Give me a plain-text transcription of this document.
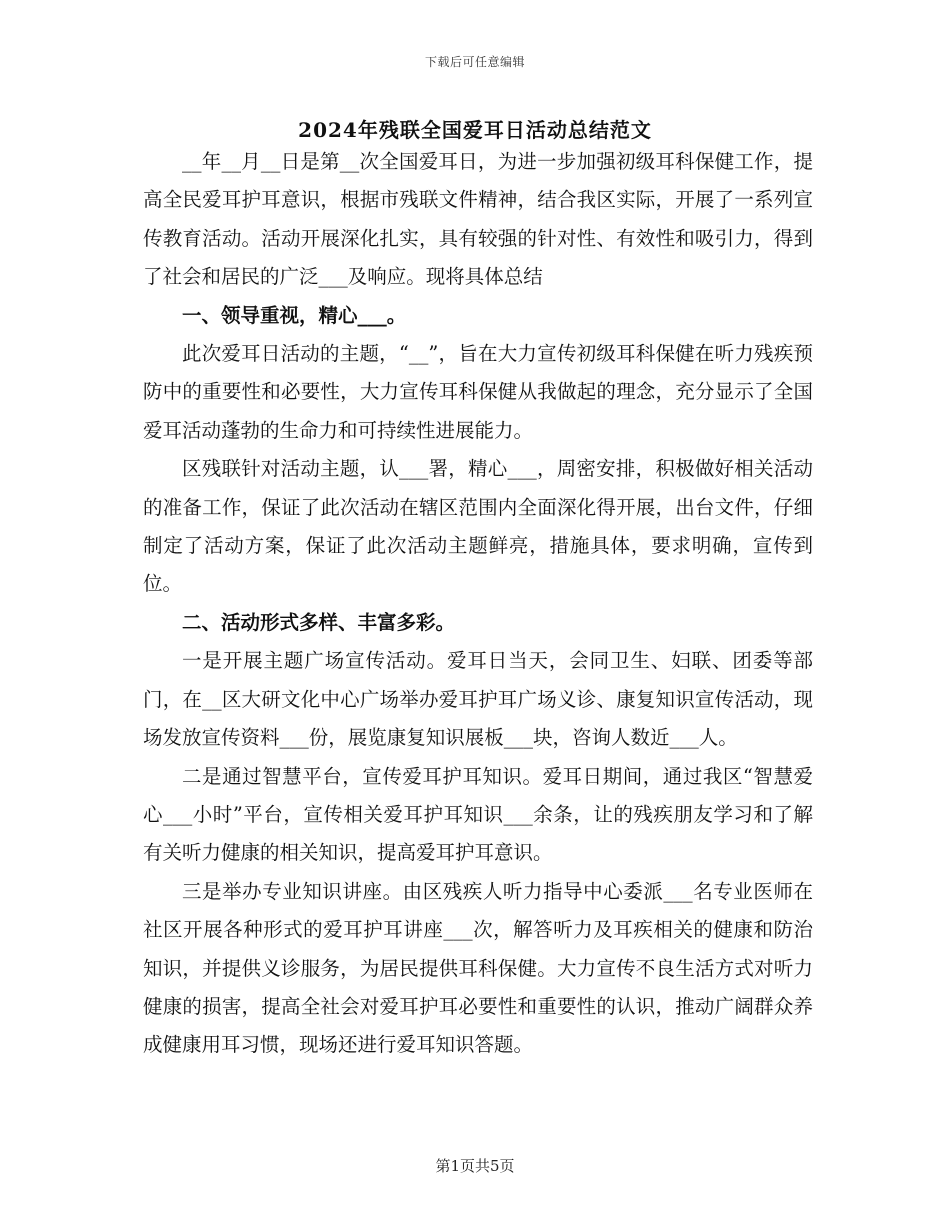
下载后可任意编辑
2024年残联全国爱耳日活动总结范文

__年__月__日是第__次全国爱耳日，为进一步加强初级耳科保健工作，提高全民爱耳护耳意识，根据市残联文件精神，结合我区实际，开展了一系列宣传教育活动。活动开展深化扎实，具有较强的针对性、有效性和吸引力，得到了社会和居民的广泛___及响应。现将具体总结

一、领导重视，精心___。

此次爱耳日活动的主题，“__”，旨在大力宣传初级耳科保健在听力残疾预防中的重要性和必要性，大力宣传耳科保健从我做起的理念，充分显示了全国爱耳活动蓬勃的生命力和可持续性进展能力。

区残联针对活动主题，认___署，精心___，周密安排，积极做好相关活动的准备工作，保证了此次活动在辖区范围内全面深化得开展，出台文件，仔细制定了活动方案，保证了此次活动主题鲜亮，措施具体，要求明确，宣传到位。

二、活动形式多样、丰富多彩。

一是开展主题广场宣传活动。爱耳日当天，会同卫生、妇联、团委等部门，在__区大研文化中心广场举办爱耳护耳广场义诊、康复知识宣传活动，现场发放宣传资料___份，展览康复知识展板___块，咨询人数近___人。

二是通过智慧平台，宣传爱耳护耳知识。爱耳日期间，通过我区“智慧爱心___小时”平台，宣传相关爱耳护耳知识___余条，让的残疾朋友学习和了解有关听力健康的相关知识，提高爱耳护耳意识。

三是举办专业知识讲座。由区残疾人听力指导中心委派___名专业医师在社区开展各种形式的爱耳护耳讲座___次，解答听力及耳疾相关的健康和防治知识，并提供义诊服务，为居民提供耳科保健。大力宣传不良生活方式对听力健康的损害，提高全社会对爱耳护耳必要性和重要性的认识，推动广阔群众养成健康用耳习惯，现场还进行爱耳知识答题。

第1页共5页
